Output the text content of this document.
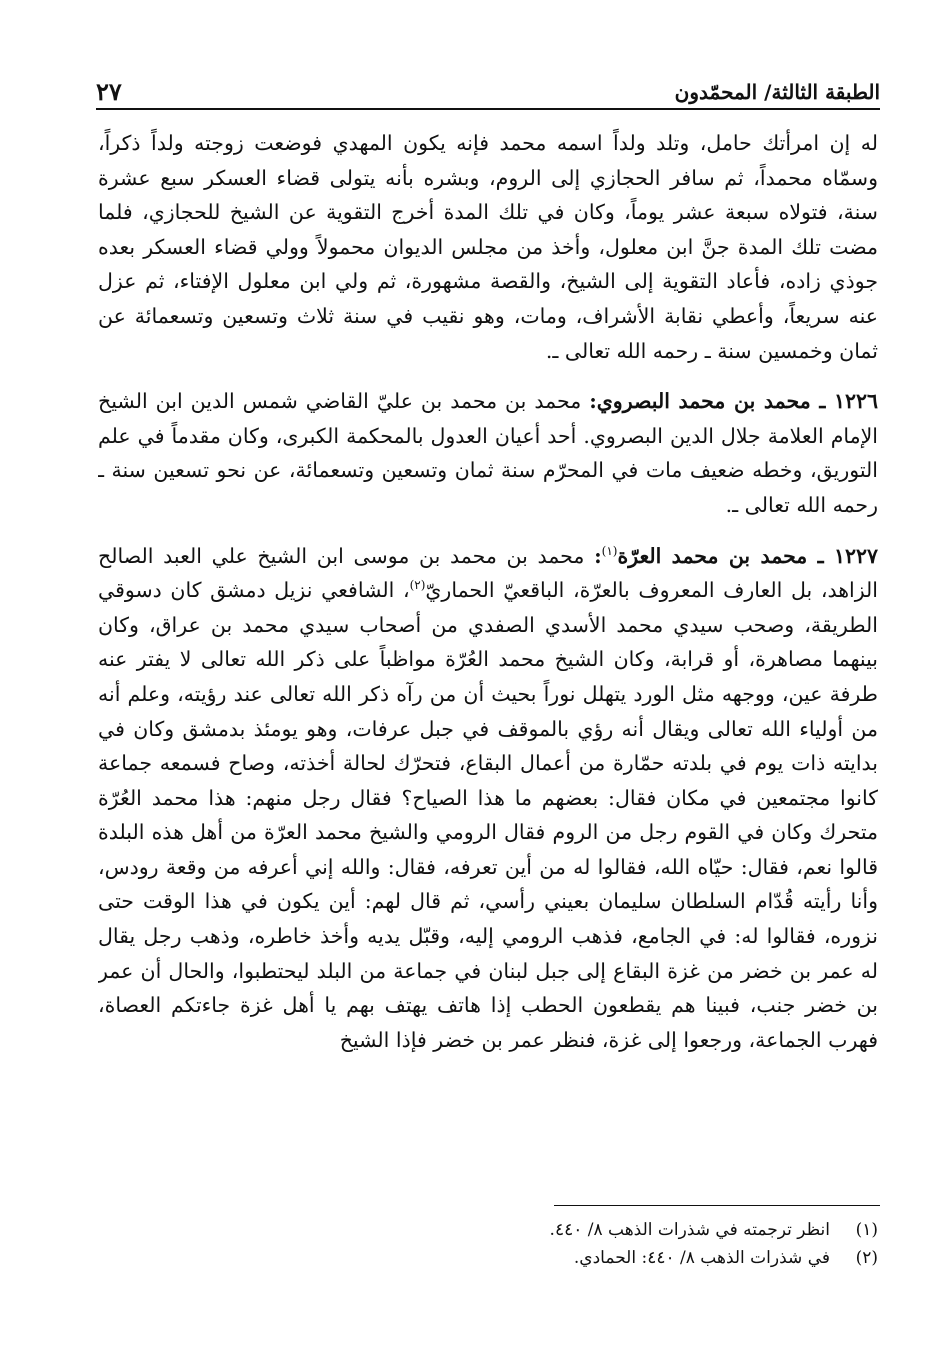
الطبقة الثالثة/ المحمّدون
٢٧

له إن امرأتك حامل، وتلد ولداً اسمه محمد فإنه يكون المهدي فوضعت زوجته ولداً ذكراً، وسمّاه محمداً، ثم سافر الحجازي إلى الروم، وبشره بأنه يتولى قضاء العسكر سبع عشرة سنة، فتولاه سبعة عشر يوماً، وكان في تلك المدة أخرج التقوية عن الشيخ للحجازي، فلما مضت تلك المدة جنَّ ابن معلول، وأخذ من مجلس الديوان محمولاً وولي قضاء العسكر بعده جوذي زاده، فأعاد التقوية إلى الشيخ، والقصة مشهورة، ثم ولي ابن معلول الإفتاء، ثم عزل عنه سريعاً، وأعطي نقابة الأشراف، ومات، وهو نقيب في سنة ثلاث وتسعين وتسعمائة عن ثمان وخمسين سنة ـ رحمه الله تعالى ـ.

١٢٢٦ ـ محمد بن محمد البصروي: محمد بن محمد بن عليّ القاضي شمس الدين ابن الشيخ الإمام العلامة جلال الدين البصروي. أحد أعيان العدول بالمحكمة الكبرى، وكان مقدماً في علم التوريق، وخطه ضعيف مات في المحرّم سنة ثمان وتسعين وتسعمائة، عن نحو تسعين سنة ـ رحمه الله تعالى ـ.

١٢٢٧ ـ محمد بن محمد العرّة$^{(١)}$: محمد بن محمد بن موسى ابن الشيخ علي العبد الصالح الزاهد، بل العارف المعروف بالعرّة، الباقعيّ الحماريّ$^{(٢)}$، الشافعي نزيل دمشق كان دسوقي الطريقة، وصحب سيدي محمد الأسدي الصفدي من أصحاب سيدي محمد بن عراق، وكان بينهما مصاهرة، أو قرابة، وكان الشيخ محمد العُرّة مواظباً على ذكر الله تعالى لا يفتر عنه طرفة عين، ووجهه مثل الورد يتهلل نوراً بحيث أن من رآه ذكر الله تعالى عند رؤيته، وعلم أنه من أولياء الله تعالى ويقال أنه رؤي بالموقف في جبل عرفات، وهو يومئذ بدمشق وكان في بدايته ذات يوم في بلدته حمّارة من أعمال البقاع، فتحرّك لحالة أخذته، وصاح فسمعه جماعة كانوا مجتمعين في مكان فقال: بعضهم ما هذا الصياح؟ فقال رجل منهم: هذا محمد العُرّة متحرك وكان في القوم رجل من الروم فقال الرومي والشيخ محمد العرّة من أهل هذه البلدة قالوا نعم، فقال: حيّاه الله، فقالوا له من أين تعرفه، فقال: والله إني أعرفه من وقعة رودس، وأنا رأيته قُدّام السلطان سليمان بعيني رأسي، ثم قال لهم: أين يكون في هذا الوقت حتى نزوره، فقالوا له: في الجامع، فذهب الرومي إليه، وقبّل يديه وأخذ خاطره، وذهب رجل يقال له عمر بن خضر من غزة البقاع إلى جبل لبنان في جماعة من البلد ليحتطبوا، والحال أن عمر بن خضر جنب، فبينا هم يقطعون الحطب إذا هاتف يهتف بهم يا أهل غزة جاءتكم العصاة، فهرب الجماعة، ورجعوا إلى غزة، فنظر عمر بن خضر فإذا الشيخ

(١)
انظر ترجمته في شذرات الذهب ٨/ ٤٤٠.
(٢)
في شذرات الذهب ٨/ ٤٤٠: الحمادي.
